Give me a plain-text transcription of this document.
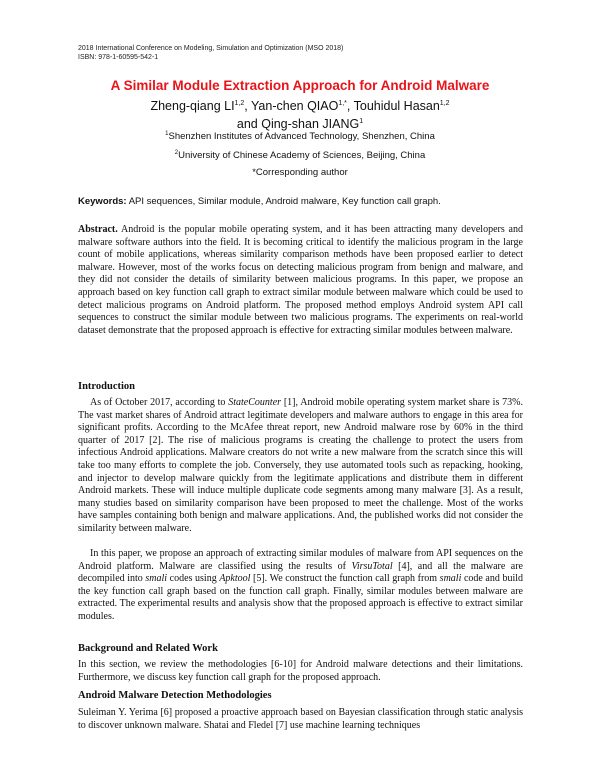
2018 International Conference on Modeling, Simulation and Optimization (MSO 2018)
ISBN: 978-1-60595-542-1
A Similar Module Extraction Approach for Android Malware
Zheng-qiang LI$^{1,2}$, Yan-chen $QIAO^{1,*}$, Touhidul Hasan$^{1,2}$
and Qing-shan JIANG$^1$
$^1$Shenzhen Institutes of Advanced Technology, Shenzhen, China
$^2$University of Chinese Academy of Sciences, Beijing, China
*Corresponding author
Keywords: API sequences, Similar module, Android malware, Key function call graph.
Abstract. Android is the popular mobile operating system, and it has been attracting many developers and malware software authors into the field. It is becoming critical to identify the malicious program in the large count of mobile applications, whereas similarity comparison methods have been proposed earlier to detect malware. However, most of the works focus on detecting malicious program from benign and malware, and they did not consider the details of similarity between malicious programs. In this paper, we propose an approach based on key function call graph to extract similar module between malware which could be used to detect malicious programs on Android platform. The proposed method employs Android system API call sequences to construct the similar module between two malicious programs. The experiments on real-world dataset demonstrate that the proposed approach is effective for extracting similar modules between malware.
Introduction
As of October 2017, according to StateCounter [1], Android mobile operating system market share is 73%. The vast market shares of Android attract legitimate developers and malware authors to engage in this area for significant profits. According to the McAfee threat report, new Android malware rose by 60% in the third quarter of 2017 [2]. The rise of malicious programs is creating the challenge to protect the users from infectious Android applications. Malware creators do not write a new malware from the scratch since this will take too many efforts to complete the job. Conversely, they use automated tools such as repacking, hooking, and injector to develop malware quickly from the legitimate applications and distribute them in different Android markets. These will induce multiple duplicate code segments among many malware [3]. As a result, many studies based on similarity comparison have been proposed to meet the challenge. Most of the works have samples containing both benign and malware applications. And, the published works did not consider the similarity between malware.
In this paper, we propose an approach of extracting similar modules of malware from API sequences on the Android platform. Malware are classified using the results of VirsuTotal [4], and all the malware are decompiled into smali codes using Apktool [5]. We construct the function call graph from smali code and build the key function call graph based on the function call graph. Finally, similar modules between malware are extracted. The experimental results and analysis show that the proposed approach is effective to extract similar modules.
Background and Related Work
In this section, we review the methodologies [6-10] for Android malware detections and their limitations. Furthermore, we discuss key function call graph for the proposed approach.
Android Malware Detection Methodologies
Suleiman Y. Yerima [6] proposed a proactive approach based on Bayesian classification through static analysis to discover unknown malware. Shatai and Fledel [7] use machine learning techniques
